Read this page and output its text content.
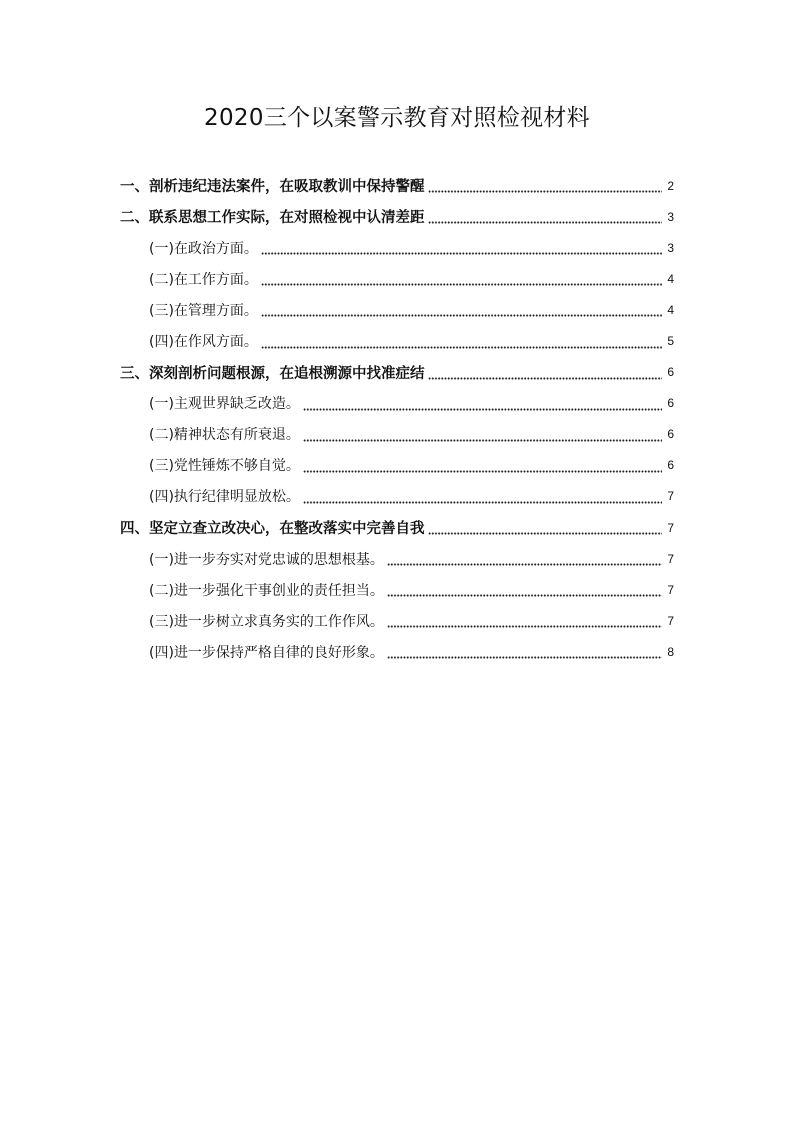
2020三个以案警示教育对照检视材料
一、剖析违纪违法案件，在吸取教训中保持警醒	2
二、联系思想工作实际，在对照检视中认清差距	3
(一)在政治方面。	3
(二)在工作方面。	4
(三)在管理方面。	4
(四)在作风方面。	5
三、深刻剖析问题根源，在追根溯源中找准症结	6
(一)主观世界缺乏改造。	6
(二)精神状态有所衰退。	6
(三)党性锤炼不够自觉。	6
(四)执行纪律明显放松。	7
四、坚定立查立改决心，在整改落实中完善自我	7
(一)进一步夯实对党忠诚的思想根基。	7
(二)进一步强化干事创业的责任担当。	7
(三)进一步树立求真务实的工作作风。	7
(四)进一步保持严格自律的良好形象。	8
